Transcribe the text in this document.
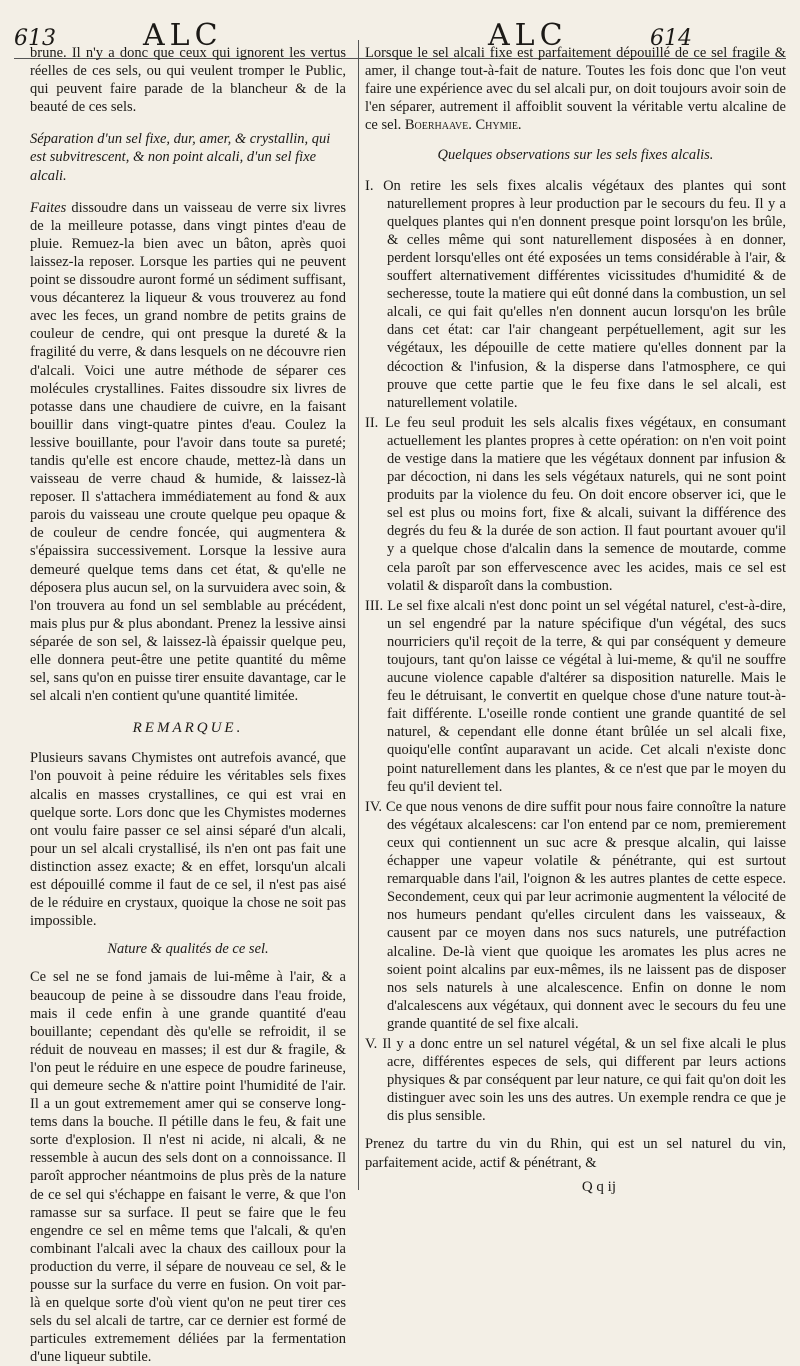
613	ALC	ALC	614

brune. Il n'y a donc que ceux qui ignorent les vertus réelles de ces sels, ou qui veulent tromper le Public, qui peuvent faire parade de la blancheur & de la beauté de ces sels.

Séparation d'un sel fixe, dur, amer, & crystallin, qui est subvitrescent, & non point alcali, d'un sel fixe alcali.

Faites dissoudre dans un vaisseau de verre six livres de la meilleure potasse, dans vingt pintes d'eau de pluie. Remuez-la bien avec un bâton, après quoi laissez-la reposer. Lorsque les parties qui ne peuvent point se dissoudre auront formé un sédiment suffisant, vous décanterez la liqueur & vous trouverez au fond avec les feces, un grand nombre de petits grains de couleur de cendre, qui ont presque la dureté & la fragilité du verre, & dans lesquels on ne découvre rien d'alcali. Voici une autre méthode de séparer ces molécules crystallines. Faites dissoudre six livres de potasse dans une chaudiere de cuivre, en la faisant bouillir dans vingt-quatre pintes d'eau. Coulez la lessive bouillante, pour l'avoir dans toute sa pureté; tandis qu'elle est encore chaude, mettez-là dans un vaisseau de verre chaud & humide, & laissez-là reposer. Il s'attachera immédiatement au fond & aux parois du vaisseau une croute quelque peu opaque & de couleur de cendre foncée, qui augmentera & s'épaissira successivement. Lorsque la lessive aura demeuré quelque tems dans cet état, & qu'elle ne déposera plus aucun sel, on la survuidera avec soin, & l'on trouvera au fond un sel semblable au précédent, mais plus pur & plus abondant. Prenez la lessive ainsi séparée de son sel, & laissez-là épaissir quelque peu, elle donnera peut-être une petite quantité du même sel, sans qu'on en puisse tirer ensuite davantage, car le sel alcali n'en contient qu'une quantité limitée.

REMARQUE.

Plusieurs savans Chymistes ont autrefois avancé, que l'on pouvoit à peine réduire les véritables sels fixes alcalis en masses crystallines, ce qui est vrai en quelque sorte. Lors donc que les Chymistes modernes ont voulu faire passer ce sel ainsi séparé d'un alcali, pour un sel alcali crystallisé, ils n'en ont pas fait une distinction assez exacte; & en effet, lorsqu'un alcali est dépouillé comme il faut de ce sel, il n'est pas aisé de le réduire en crystaux, quoique la chose ne soit pas impossible.

Nature & qualités de ce sel.

Ce sel ne se fond jamais de lui-même à l'air, & a beaucoup de peine à se dissoudre dans l'eau froide, mais il cede enfin à une grande quantité d'eau bouillante; cependant dès qu'elle se refroidit, il se réduit de nouveau en masses; il est dur & fragile, & l'on peut le réduire en une espece de poudre farineuse, qui demeure seche & n'attire point l'humidité de l'air. Il a un gout extremement amer qui se conserve long-tems dans la bouche. Il pétille dans le feu, & fait une sorte d'explosion. Il n'est ni acide, ni alcali, & ne ressemble à aucun des sels dont on a connoissance. Il paroît approcher néantmoins de plus près de la nature de ce sel qui s'échappe en faisant le verre, & que l'on ramasse sur sa surface. Il peut se faire que le feu engendre ce sel en même tems que l'alcali, & qu'en combinant l'alcali avec la chaux des cailloux pour la production du verre, il sépare de nouveau ce sel, & le pousse sur la surface du verre en fusion. On voit par-là en quelque sorte d'où vient qu'on ne peut tirer ces sels du sel alcali de tartre, car ce dernier est formé de particules extremement déliées par la fermentation d'une liqueur subtile.

Lorsque le sel alcali fixe est parfaitement dépouillé de ce sel fragile & amer, il change tout-à-fait de nature. Toutes les fois donc que l'on veut faire une expérience avec du sel alcali pur, on doit toujours avoir soin de l'en séparer, autrement il affoiblit souvent la véritable vertu alcaline de ce sel. Boerhaave. Chymie.

Quelques observations sur les sels fixes alcalis.

I. On retire les sels fixes alcalis végétaux des plantes qui sont naturellement propres à leur production par le secours du feu. Il y a quelques plantes qui n'en donnent presque point lorsqu'on les brûle, & celles même qui sont naturellement disposées à en donner, perdent lorsqu'elles ont été exposées un tems considérable à l'air, & souffert alternativement différentes vicissitudes d'humidité & de secheresse, toute la matiere qui eût donné dans la combustion, un sel alcali, ce qui fait qu'elles n'en donnent aucun lorsqu'on les brûle dans cet état: car l'air changeant perpétuellement, agit sur les végétaux, les dépouille de cette matiere qu'elles donnent par la décoction & l'infusion, & la disperse dans l'atmosphere, ce qui prouve que cette partie que le feu fixe dans le sel alcali, est naturellement volatile.

II. Le feu seul produit les sels alcalis fixes végétaux, en consumant actuellement les plantes propres à cette opération: on n'en voit point de vestige dans la matiere que les végétaux donnent par infusion & par décoction, ni dans les sels végétaux naturels, qui ne sont point produits par la violence du feu. On doit encore observer ici, que le sel est plus ou moins fort, fixe & alcali, suivant la différence des degrés du feu & la durée de son action. Il faut pourtant avouer qu'il y a quelque chose d'alcalin dans la semence de moutarde, comme cela paroît par son effervescence avec les acides, mais ce sel est volatil & disparoît dans la combustion.

III. Le sel fixe alcali n'est donc point un sel végétal naturel, c'est-à-dire, un sel engendré par la nature spécifique d'un végétal, des sucs nourriciers qu'il reçoit de la terre, & qui par conséquent y demeure toujours, tant qu'on laisse ce végétal à lui-meme, & qu'il ne souffre aucune violence capable d'altérer sa disposition naturelle. Mais le feu le détruisant, le convertit en quelque chose d'une nature tout-à-fait différente. L'oseille ronde contient une grande quantité de sel naturel, & cependant elle donne étant brûlée un sel alcali fixe, quoiqu'elle contînt auparavant un acide. Cet alcali n'existe donc point naturellement dans les plantes, & ce n'est que par le moyen du feu qu'il devient tel.

IV. Ce que nous venons de dire suffit pour nous faire connoître la nature des végétaux alcalescens: car l'on entend par ce nom, premierement ceux qui contiennent un suc acre & presque alcalin, qui laisse échapper une vapeur volatile & pénétrante, qui est surtout remarquable dans l'ail, l'oignon & les autres plantes de cette espece. Secondement, ceux qui par leur acrimonie augmentent la vélocité de nos humeurs pendant qu'elles circulent dans les vaisseaux, & causent par ce moyen dans nos sucs naturels, une putréfaction alcaline. De-là vient que quoique les aromates les plus acres ne soient point alcalins par eux-mêmes, ils ne laissent pas de disposer nos sels naturels à une alcalescence. Enfin on donne le nom d'alcalescens aux végétaux, qui donnent avec le secours du feu une grande quantité de sel fixe alcali.

V. Il y a donc entre un sel naturel végétal, & un sel fixe alcali le plus acre, différentes especes de sels, qui different par leurs actions physiques & par conséquent par leur nature, ce qui fait qu'on doit les distinguer avec soin les uns des autres. Un exemple rendra ce que je dis plus sensible.

Prenez du tartre du vin du Rhin, qui est un sel naturel du vin, parfaitement acide, actif & pénétrant, &

Q q ij
